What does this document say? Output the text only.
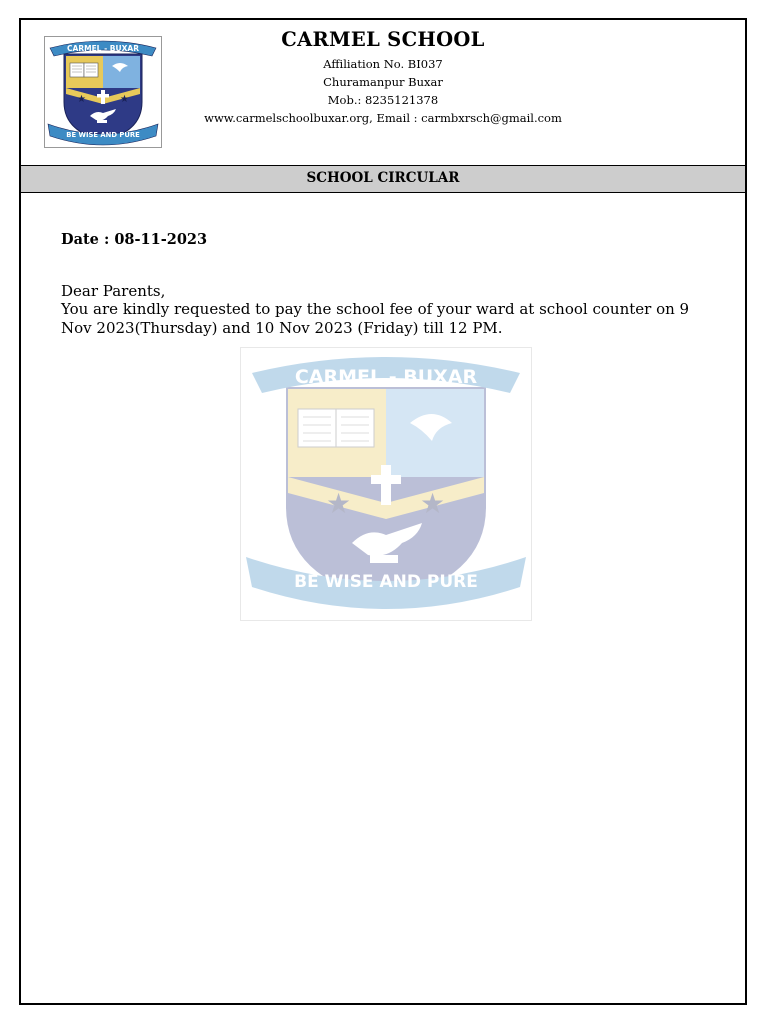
★	★
CARMEL - BUXAR
BE WISE AND PURE
CARMEL SCHOOL
Affiliation No. BI037
Churamanpur Buxar
Mob.: 8235121378
www.carmelschoolbuxar.org, Email : carmbxrsch@gmail.com
SCHOOL CIRCULAR
Date : 08-11-2023
Dear Parents,
You are kindly requested to pay the school fee of your ward at school counter on 9 Nov 2023(Thursday) and 10 Nov 2023 (Friday) till 12 PM.
★ ★
CARMEL - BUXAR
BE WISE AND PURE
